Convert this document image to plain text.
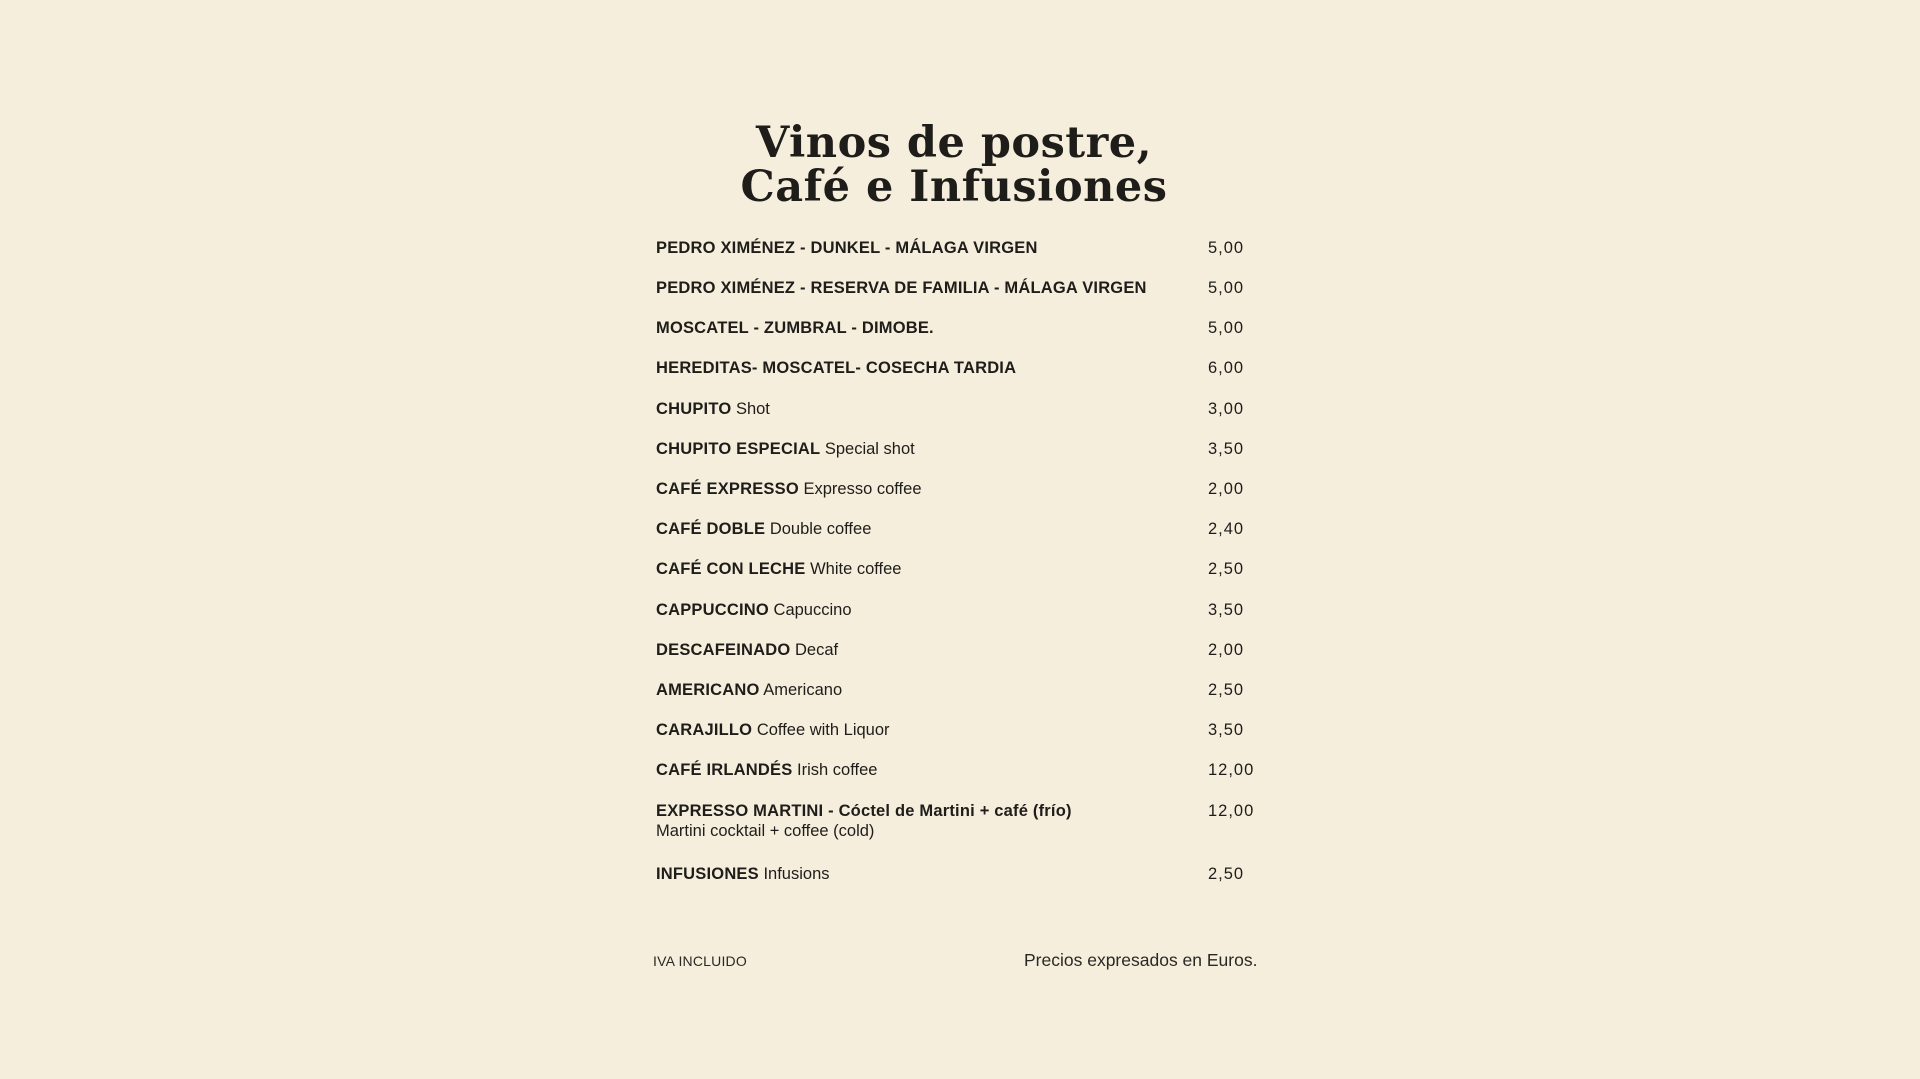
Vinos de postre,
Café e Infusiones
PEDRO XIMÉNEZ - DUNKEL - MÁLAGA VIRGEN	5,00
PEDRO XIMÉNEZ - RESERVA DE FAMILIA - MÁLAGA VIRGEN	5,00
MOSCATEL - ZUMBRAL - DIMOBE.	5,00
HEREDITAS- MOSCATEL- COSECHA TARDIA	6,00
CHUPITO Shot	3,00
CHUPITO ESPECIAL Special shot	3,50
CAFÉ EXPRESSO Expresso coffee	2,00
CAFÉ DOBLE Double coffee	2,40
CAFÉ CON LECHE White coffee	2,50
CAPPUCCINO Capuccino	3,50
DESCAFEINADO Decaf	2,00
AMERICANO Americano	2,50
CARAJILLO Coffee with Liquor	3,50
CAFÉ IRLANDÉS Irish coffee	12,00
EXPRESSO MARTINI - Cóctel de Martini + café (frío)
Martini cocktail + coffee (cold)
12,00
INFUSIONES Infusions	2,50
IVA INCLUIDO	Precios expresados en Euros.
